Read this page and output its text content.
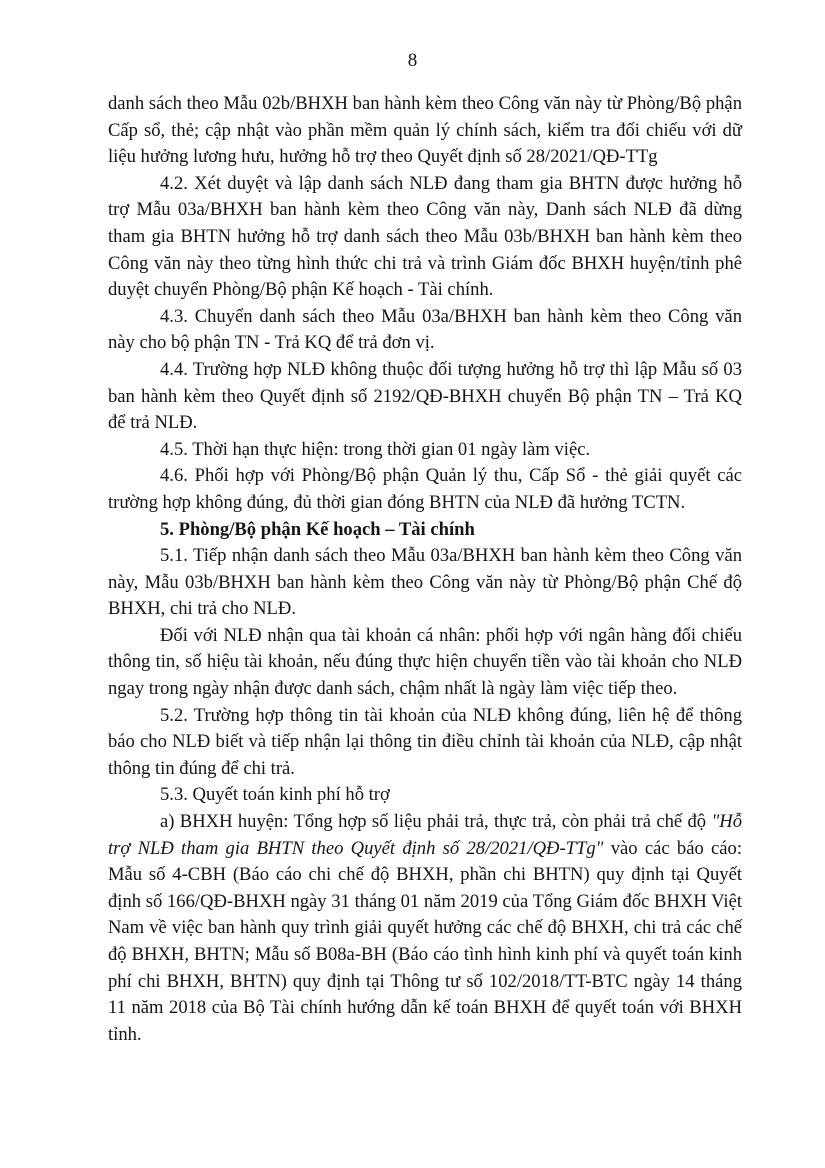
8

danh sách theo Mẫu 02b/BHXH ban hành kèm theo Công văn này từ Phòng/Bộ phận Cấp sổ, thẻ; cập nhật vào phần mềm quản lý chính sách, kiểm tra đối chiếu với dữ liệu hưởng lương hưu, hưởng hỗ trợ theo Quyết định số 28/2021/QĐ-TTg

4.2. Xét duyệt và lập danh sách NLĐ đang tham gia BHTN được hưởng hỗ trợ Mẫu 03a/BHXH ban hành kèm theo Công văn này, Danh sách NLĐ đã dừng tham gia BHTN hưởng hỗ trợ danh sách theo Mẫu 03b/BHXH ban hành kèm theo Công văn này theo từng hình thức chi trả và trình Giám đốc BHXH huyện/tỉnh phê duyệt chuyển Phòng/Bộ phận Kế hoạch - Tài chính.

4.3. Chuyển danh sách theo Mẫu 03a/BHXH ban hành kèm theo Công văn này cho bộ phận TN - Trả KQ để trả đơn vị.

4.4. Trường hợp NLĐ không thuộc đối tượng hưởng hỗ trợ thì lập Mẫu số 03 ban hành kèm theo Quyết định số 2192/QĐ-BHXH chuyển Bộ phận TN – Trả KQ để trả NLĐ.

4.5. Thời hạn thực hiện: trong thời gian 01 ngày làm việc.

4.6. Phối hợp với Phòng/Bộ phận Quản lý thu, Cấp Sổ - thẻ giải quyết các trường hợp không đúng, đủ thời gian đóng BHTN của NLĐ đã hưởng TCTN.

5. Phòng/Bộ phận Kế hoạch – Tài chính

5.1. Tiếp nhận danh sách theo Mẫu 03a/BHXH ban hành kèm theo Công văn này, Mẫu 03b/BHXH ban hành kèm theo Công văn này từ Phòng/Bộ phận Chế độ BHXH, chi trả cho NLĐ.

Đối với NLĐ nhận qua tài khoản cá nhân: phối hợp với ngân hàng đối chiếu thông tin, số hiệu tài khoản, nếu đúng thực hiện chuyển tiền vào tài khoản cho NLĐ ngay trong ngày nhận được danh sách, chậm nhất là ngày làm việc tiếp theo.

5.2. Trường hợp thông tin tài khoản của NLĐ không đúng, liên hệ để thông báo cho NLĐ biết và tiếp nhận lại thông tin điều chỉnh tài khoản của NLĐ, cập nhật thông tin đúng để chi trả.

5.3. Quyết toán kinh phí hỗ trợ

a) BHXH huyện: Tổng hợp số liệu phải trả, thực trả, còn phải trả chế độ "Hỗ trợ NLĐ tham gia BHTN theo Quyết định số 28/2021/QĐ-TTg" vào các báo cáo: Mẫu số 4-CBH (Báo cáo chi chế độ BHXH, phần chi BHTN) quy định tại Quyết định số 166/QĐ-BHXH ngày 31 tháng 01 năm 2019 của Tổng Giám đốc BHXH Việt Nam về việc ban hành quy trình giải quyết hưởng các chế độ BHXH, chi trả các chế độ BHXH, BHTN; Mẫu số B08a-BH (Báo cáo tình hình kinh phí và quyết toán kinh phí chi BHXH, BHTN) quy định tại Thông tư số 102/2018/TT-BTC ngày 14 tháng 11 năm 2018 của Bộ Tài chính hướng dẫn kế toán BHXH để quyết toán với BHXH tỉnh.
